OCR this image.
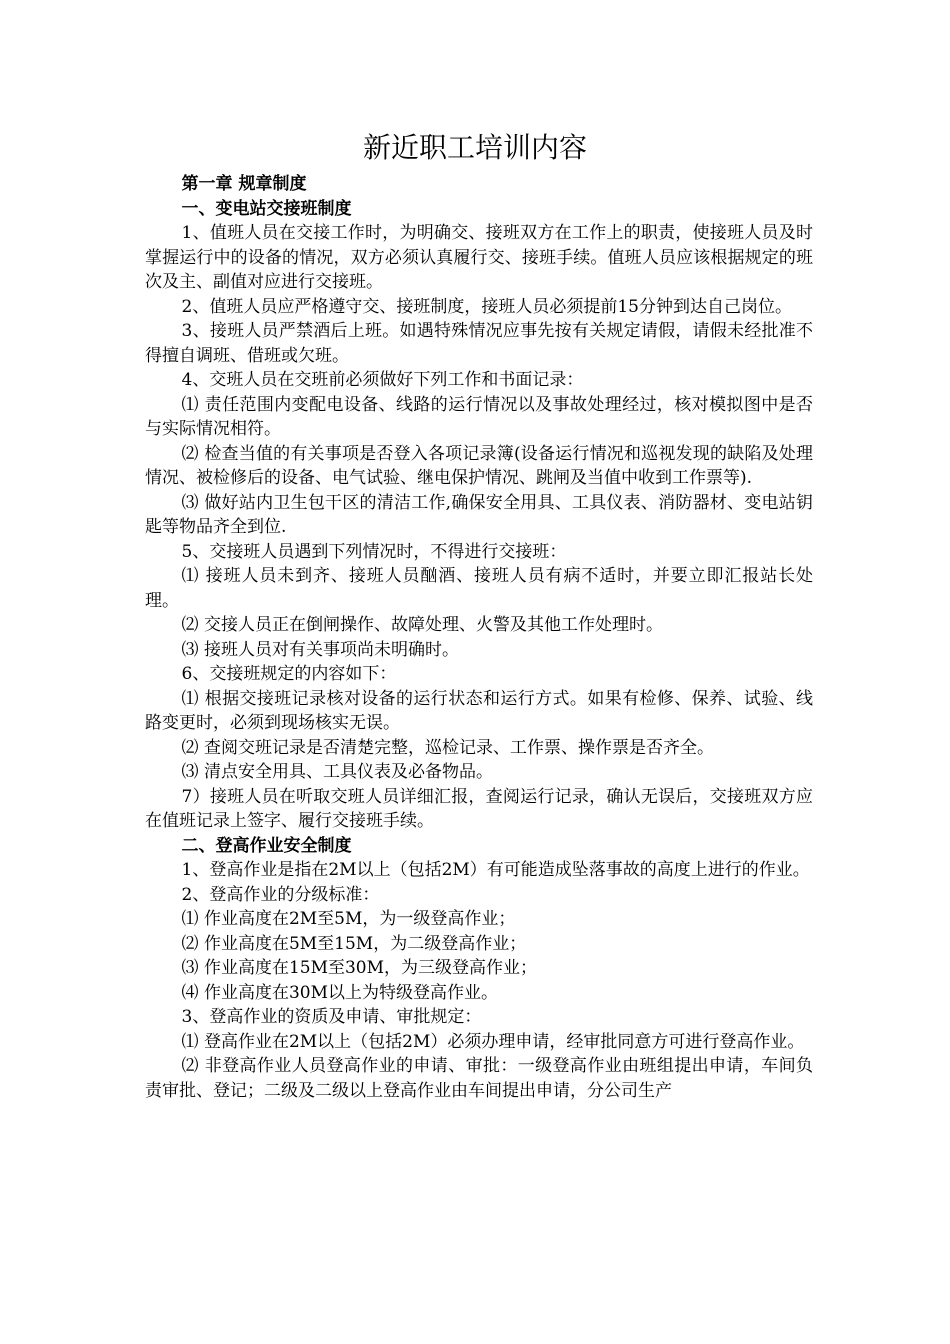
新近职工培训内容

第一章 规章制度

一、变电站交接班制度

1、值班人员在交接工作时，为明确交、接班双方在工作上的职责，使接班人员及时掌握运行中的设备的情况，双方必须认真履行交、接班手续。值班人员应该根据规定的班次及主、副值对应进行交接班。

2、值班人员应严格遵守交、接班制度，接班人员必须提前15分钟到达自己岗位。

3、接班人员严禁酒后上班。如遇特殊情况应事先按有关规定请假，请假未经批准不得擅自调班、借班或欠班。

4、交班人员在交班前必须做好下列工作和书面记录：

⑴ 责任范围内变配电设备、线路的运行情况以及事故处理经过，核对模拟图中是否与实际情况相符。

⑵ 检查当值的有关事项是否登入各项记录簿(设备运行情况和巡视发现的缺陷及处理情况、被检修后的设备、电气试验、继电保护情况、跳闸及当值中收到工作票等).

⑶ 做好站内卫生包干区的清洁工作,确保安全用具、工具仪表、消防器材、变电站钥匙等物品齐全到位.

5、交接班人员遇到下列情况时，不得进行交接班：

⑴ 接班人员未到齐、接班人员酗酒、接班人员有病不适时，并要立即汇报站长处理。

⑵ 交接人员正在倒闸操作、故障处理、火警及其他工作处理时。

⑶ 接班人员对有关事项尚未明确时。

6、交接班规定的内容如下：

⑴ 根据交接班记录核对设备的运行状态和运行方式。如果有检修、保养、试验、线路变更时，必须到现场核实无误。

⑵ 查阅交班记录是否清楚完整，巡检记录、工作票、操作票是否齐全。

⑶ 清点安全用具、工具仪表及必备物品。

7）接班人员在听取交班人员详细汇报，查阅运行记录，确认无误后，交接班双方应在值班记录上签字、履行交接班手续。

二、登高作业安全制度

1、登高作业是指在2M以上（包括2M）有可能造成坠落事故的高度上进行的作业。

2、登高作业的分级标准：

⑴ 作业高度在2M至5M，为一级登高作业；

⑵ 作业高度在5M至15M，为二级登高作业；

⑶ 作业高度在15M至30M，为三级登高作业；

⑷ 作业高度在30M以上为特级登高作业。

3、登高作业的资质及申请、审批规定：

⑴ 登高作业在2M以上（包括2M）必须办理申请，经审批同意方可进行登高作业。

⑵ 非登高作业人员登高作业的申请、审批：一级登高作业由班组提出申请，车间负责审批、登记；二级及二级以上登高作业由车间提出申请，分公司生产
